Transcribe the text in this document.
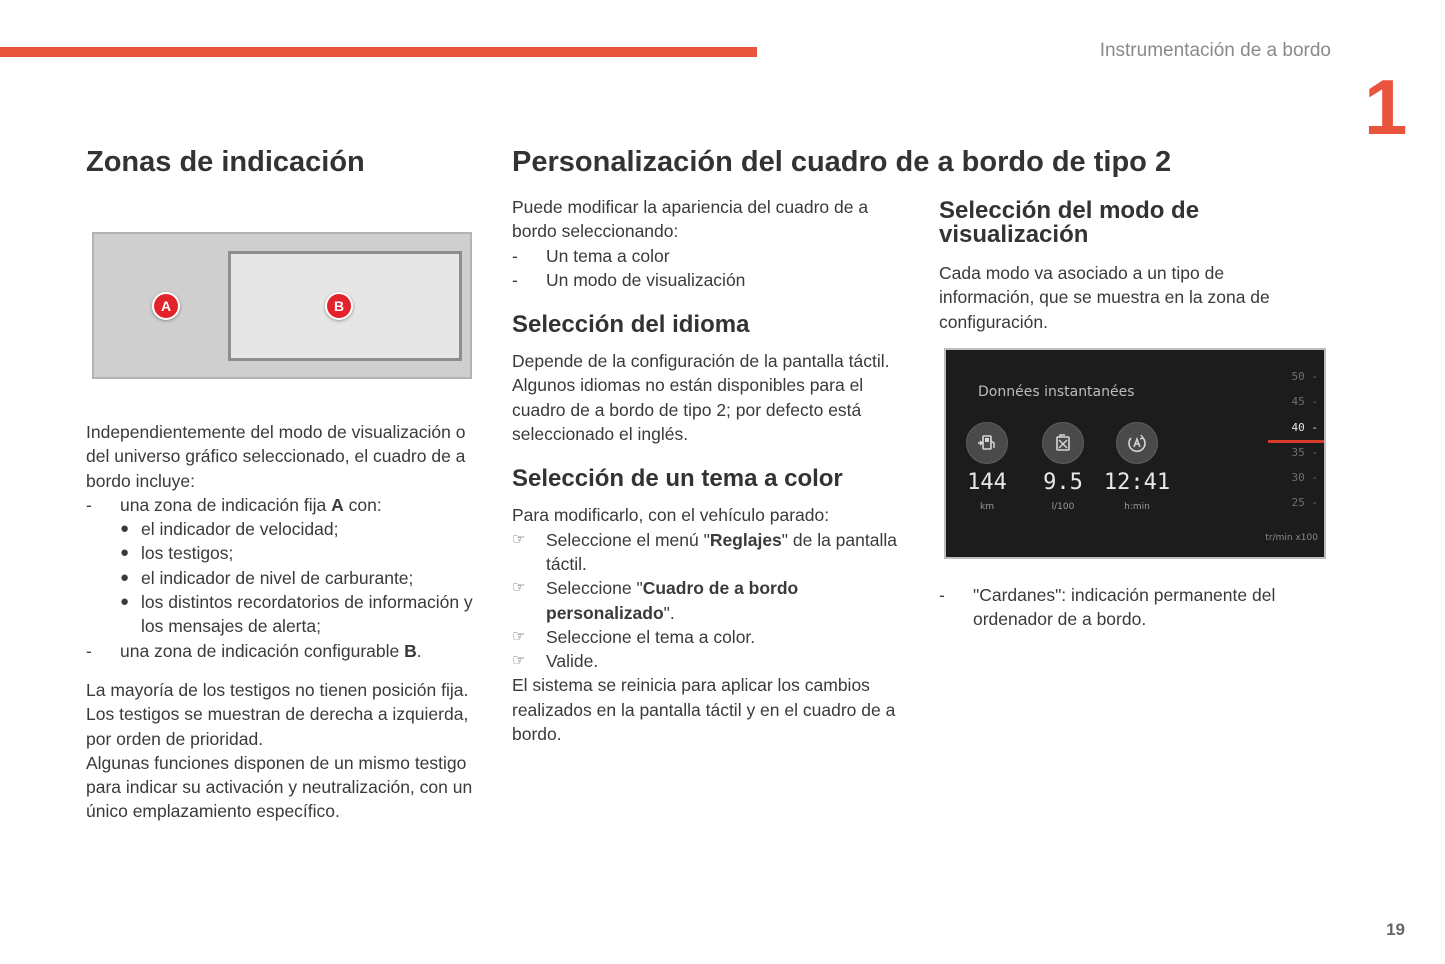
Instrumentación de a bordo
1
Zonas de indicación
A	B

Independientemente del modo de visualización o del universo gráfico seleccionado, el cuadro de a bordo incluye:

-	una zona de indicación fija A con:
● el indicador de velocidad;
● los testigos;
● el indicador de nivel de carburante;
● los distintos recordatorios de información y los mensajes de alerta;
-	una zona de indicación configurable B.

La mayoría de los testigos no tienen posición fija.

Los testigos se muestran de derecha a izquierda, por orden de prioridad.

Algunas funciones disponen de un mismo testigo para indicar su activación y neutralización, con un único emplazamiento específico.

Personalización del cuadro de a bordo de tipo 2

Puede modificar la apariencia del cuadro de a bordo seleccionando:

-	Un tema a color
-	Un modo de visualización
Selección del idioma

Depende de la configuración de la pantalla táctil.

Algunos idiomas no están disponibles para el cuadro de a bordo de tipo 2; por defecto está seleccionado el inglés.

Selección de un tema a color

Para modificarlo, con el vehículo parado:

☞	Seleccione el menú "Reglajes" de la pantalla táctil.
☞	Seleccione "Cuadro de a bordo personalizado".
☞	Seleccione el tema a color.
☞	Valide.

El sistema se reinicia para aplicar los cambios realizados en la pantalla táctil y en el cuadro de a bordo.

Selección del modo de visualización

Cada modo va asociado a un tipo de información, que se muestra en la zona de configuración.

Données instantanées
144
km
9.5
l/100
12:41
h:min
50 -
45 -
40 -
35 -
30 -
25 -
tr/min x100
-	"Cardanes": indicación permanente del ordenador de a bordo.
19
